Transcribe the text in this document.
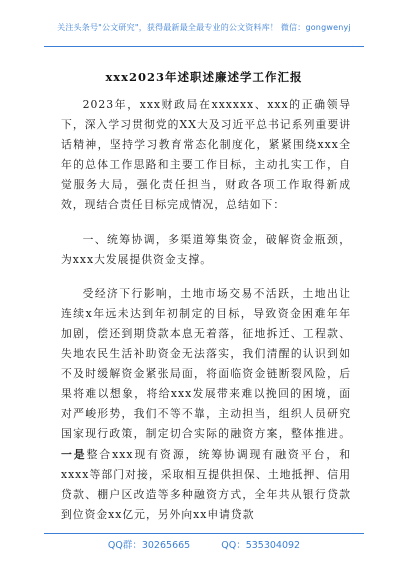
关注头条号"公文研究"，获得最新最全最专业的公文资料库！ 微信：gongwenyj
xxx2023年述职述廉述学工作汇报

2023年，xxx财政局在xxxxxx、xxx的正确领导下，深入学习贯彻党的XX大及习近平总书记系列重要讲话精神，坚持学习教育常态化制度化，紧紧围绕xxx全年的总体工作思路和主要工作目标，主动扎实工作，自觉服务大局，强化责任担当，财政各项工作取得新成效，现结合责任目标完成情况，总结如下：

一、统筹协调，多渠道筹集资金，破解资金瓶颈，为xxx大发展提供资金支撑。

受经济下行影响，土地市场交易不活跃，土地出让连续x年远未达到年初制定的目标，导致资金困难年年加剧，偿还到期贷款本息无着落，征地拆迁、工程款、失地农民生活补助资金无法落实，我们清醒的认识到如不及时缓解资金紧张局面，将面临资金链断裂风险，后果将难以想象，将给xxx发展带来难以挽回的困境，面对严峻形势，我们不等不靠，主动担当，组织人员研究国家现行政策，制定切合实际的融资方案，整体推进。一是整合xxx现有资源，统筹协调现有融资平台，和xxxx等部门对接，采取相互提供担保、土地抵押、信用贷款、棚户区改造等多种融资方式，全年共从银行贷款到位资金xx亿元，另外向xx申请贷款

QQ群：30265665	QQ：535304092
